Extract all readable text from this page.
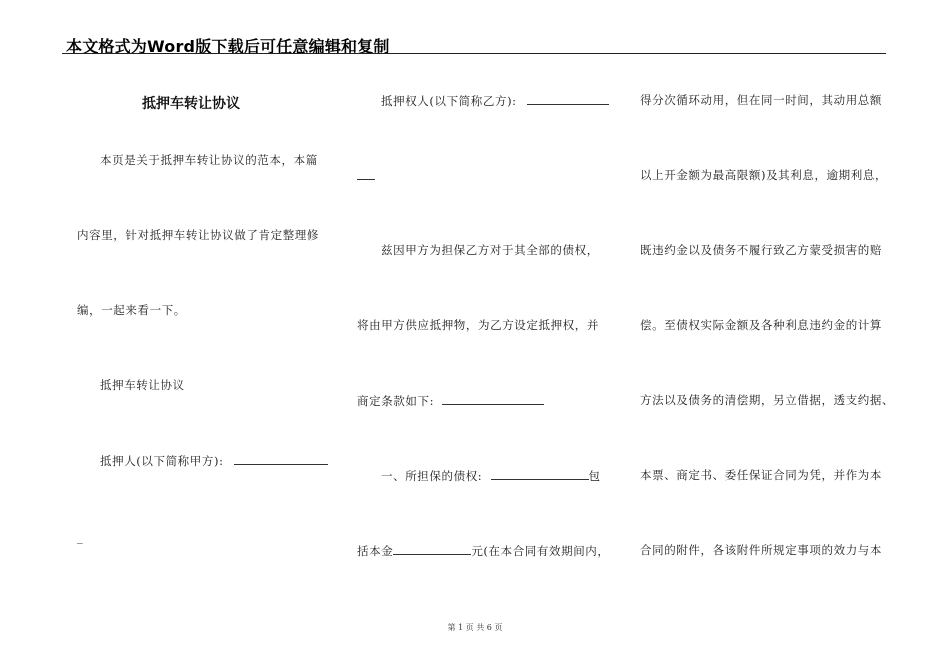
本文格式为Word版下载后可任意编辑和复制
抵押车转让协议
本页是关于抵押车转让协议的范本，本篇
内容里，针对抵押车转让协议做了肯定整理修
编，一起来看一下。
抵押车转让协议
抵押人(以下简称甲方):
_
抵押权人(以下简称乙方):
兹因甲方为担保乙方对于其全部的债权，
将由甲方供应抵押物，为乙方设定抵押权，并
商定条款如下:
一、所担保的债权:	包
括本金	元(在本合同有效期间内，
得分次循环动用，但在同一时间，其动用总额
以上开金额为最高限额)及其利息，逾期利息，
既违约金以及债务不履行致乙方蒙受损害的赔
偿。至债权实际金额及各种利息违约金的计算
方法以及债务的清偿期，另立借据，透支约据、
本票、商定书、委任保证合同为凭，并作为本
合同的附件，各该附件所规定事项的效力与本
第 1 页 共 6 页
